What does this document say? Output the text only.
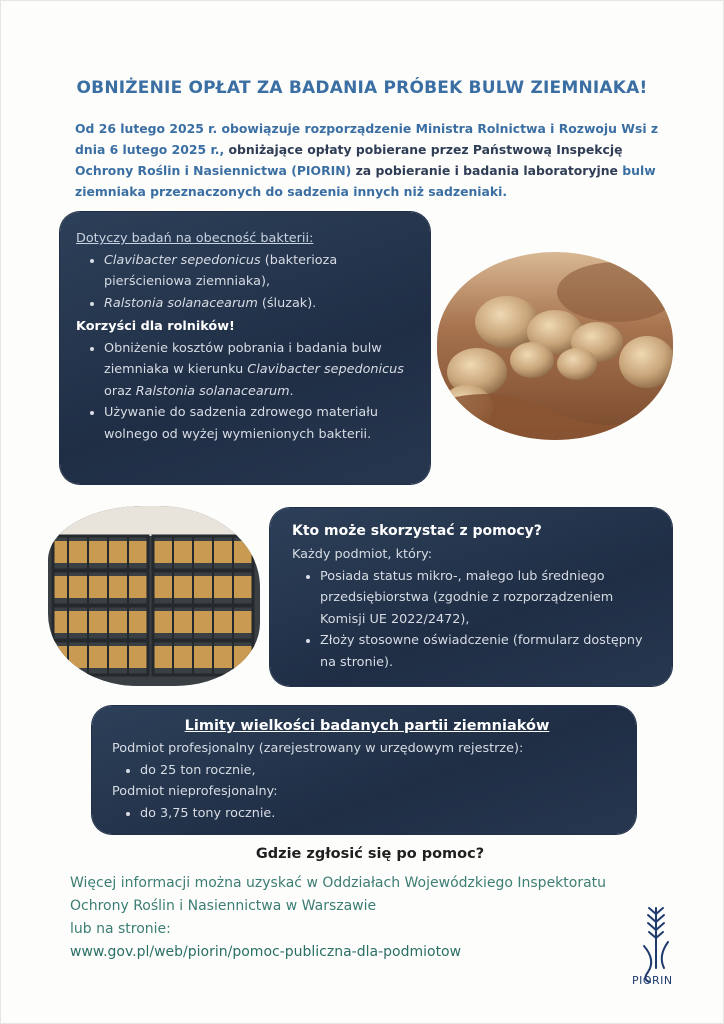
OBNIŻENIE OPŁAT ZA BADANIA PRÓBEK BULW ZIEMNIAKA!
Od 26 lutego 2025 r. obowiązuje rozporządzenie Ministra Rolnictwa i Rozwoju Wsi z dnia 6 lutego 2025 r., obniżające opłaty pobierane przez Państwową Inspekcję Ochrony Roślin i Nasiennictwa (PIORIN) za pobieranie i badania laboratoryjne bulw ziemniaka przeznaczonych do sadzenia innych niż sadzeniaki.
Dotyczy badań na obecność bakterii:
• Clavibacter sepedonicus (bakterioza pierścieniowa ziemniaka),
• Ralstonia solanacearum (śluzak).
Korzyści dla rolników!
• Obniżenie kosztów pobrania i badania bulw ziemniaka w kierunku Clavibacter sepedonicus oraz Ralstonia solanacearum.
• Używanie do sadzenia zdrowego materiału wolnego od wyżej wymienionych bakterii.
Kto może skorzystać z pomocy?
Każdy podmiot, który:
• Posiada status mikro-, małego lub średniego przedsiębiorstwa (zgodnie z rozporządzeniem Komisji UE 2022/2472),
• Złoży stosowne oświadczenie (formularz dostępny na stronie).
Limity wielkości badanych partii ziemniaków
Podmiot profesjonalny (zarejestrowany w urzędowym rejestrze):
• do 25 ton rocznie,
Podmiot nieprofesjonalny:
• do 3,75 tony rocznie.
Gdzie zgłosić się po pomoc?
Więcej informacji można uzyskać w Oddziałach Wojewódzkiego Inspektoratu
Ochrony Roślin i Nasiennictwa w Warszawie
lub na stronie:
www.gov.pl/web/piorin/pomoc-publiczna-dla-podmiotow
PIORIN
